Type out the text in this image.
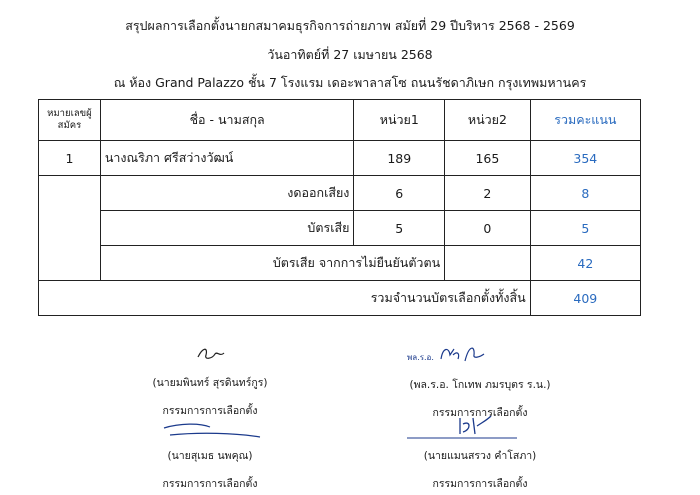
สรุปผลการเลือกตั้งนายกสมาคมธุรกิจการถ่ายภาพ สมัยที่ 29 ปีบริหาร 2568 - 2569
วันอาทิตย์ที่ 27 เมษายน 2568
ณ ห้อง Grand Palazzo ชั้น 7 โรงแรม เดอะพาลาสโซ ถนนรัชดาภิเษก กรุงเทพมหานคร
หมายเลขผู้สมัคร	ชื่อ - นามสกุล	หน่วย1	หน่วย2	รวมคะแนน
1	นางณริภา ศรีสว่างวัฒน์	189	165	354
	งดออกเสียง	6	2	8
	บัตรเสีย	5	0	5
	บัตรเสีย จากการไม่ยืนยันตัวตน			42
รวมจำนวนบัตรเลือกตั้งทั้งสิ้น				409
พล.ร.อ.
(นายมพินทร์ สุรดินทร์กูร)
กรรมการการเลือกตั้ง
(พล.ร.อ. โกเทพ ภมรบุตร ร.น.)
กรรมการการเลือกตั้ง
(นายสุเมธ นพคุณ)
กรรมการการเลือกตั้ง
(นายแมนสรวง คำโสภา)
กรรมการการเลือกตั้ง
